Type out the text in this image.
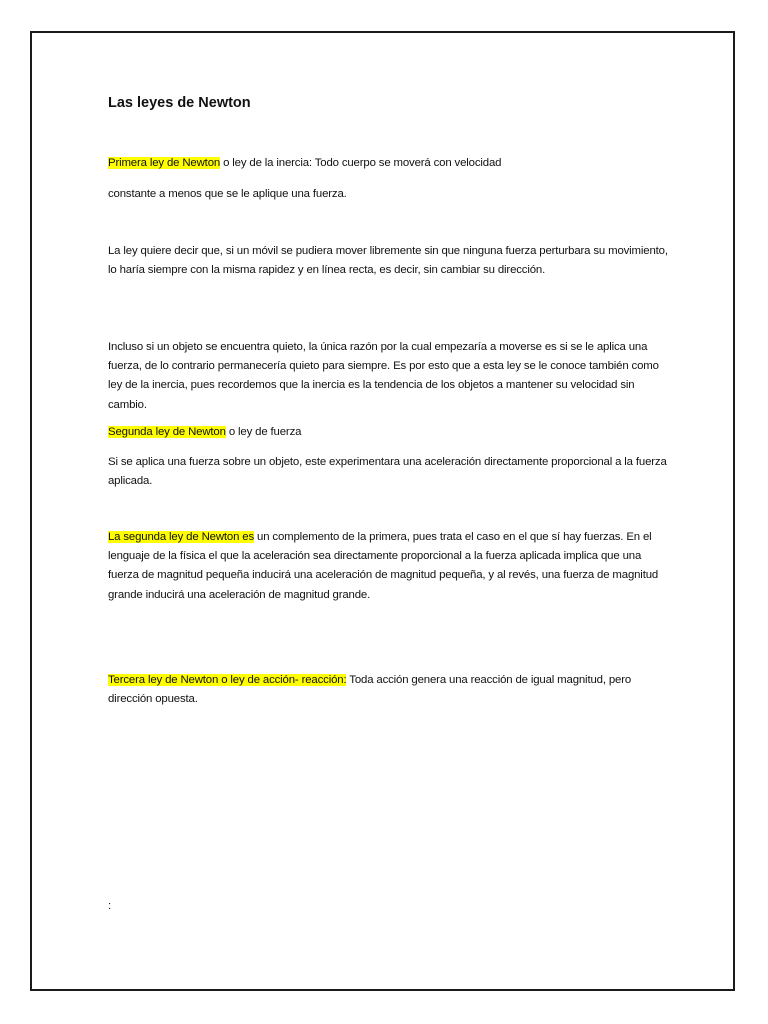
Las leyes de Newton

Primera ley de Newton o ley de la inercia: Todo cuerpo se moverá con velocidad

constante a menos que se le aplique una fuerza.

La ley quiere decir que, si un móvil se pudiera mover libremente sin que ninguna fuerza perturbara su movimiento, lo haría siempre con la misma rapidez y en línea recta, es decir, sin cambiar su dirección.

Incluso si un objeto se encuentra quieto, la única razón por la cual empezaría a moverse es si se le aplica una fuerza, de lo contrario permanecería quieto para siempre. Es por esto que a esta ley se le conoce también como ley de la inercia, pues recordemos que la inercia es la tendencia de los objetos a mantener su velocidad sin cambio.

Segunda ley de Newton o ley de fuerza

Si se aplica una fuerza sobre un objeto, este experimentara una aceleración directamente proporcional a la fuerza aplicada.

La segunda ley de Newton es un complemento de la primera, pues trata el caso en el que sí hay fuerzas. En el lenguaje de la física el que la aceleración sea directamente proporcional a la fuerza aplicada implica que una fuerza de magnitud pequeña inducirá una aceleración de magnitud pequeña, y al revés, una fuerza de magnitud grande inducirá una aceleración de magnitud grande.

Tercera ley de Newton o ley de acción- reacción: Toda acción genera una reacción de igual magnitud, pero dirección opuesta.

:
